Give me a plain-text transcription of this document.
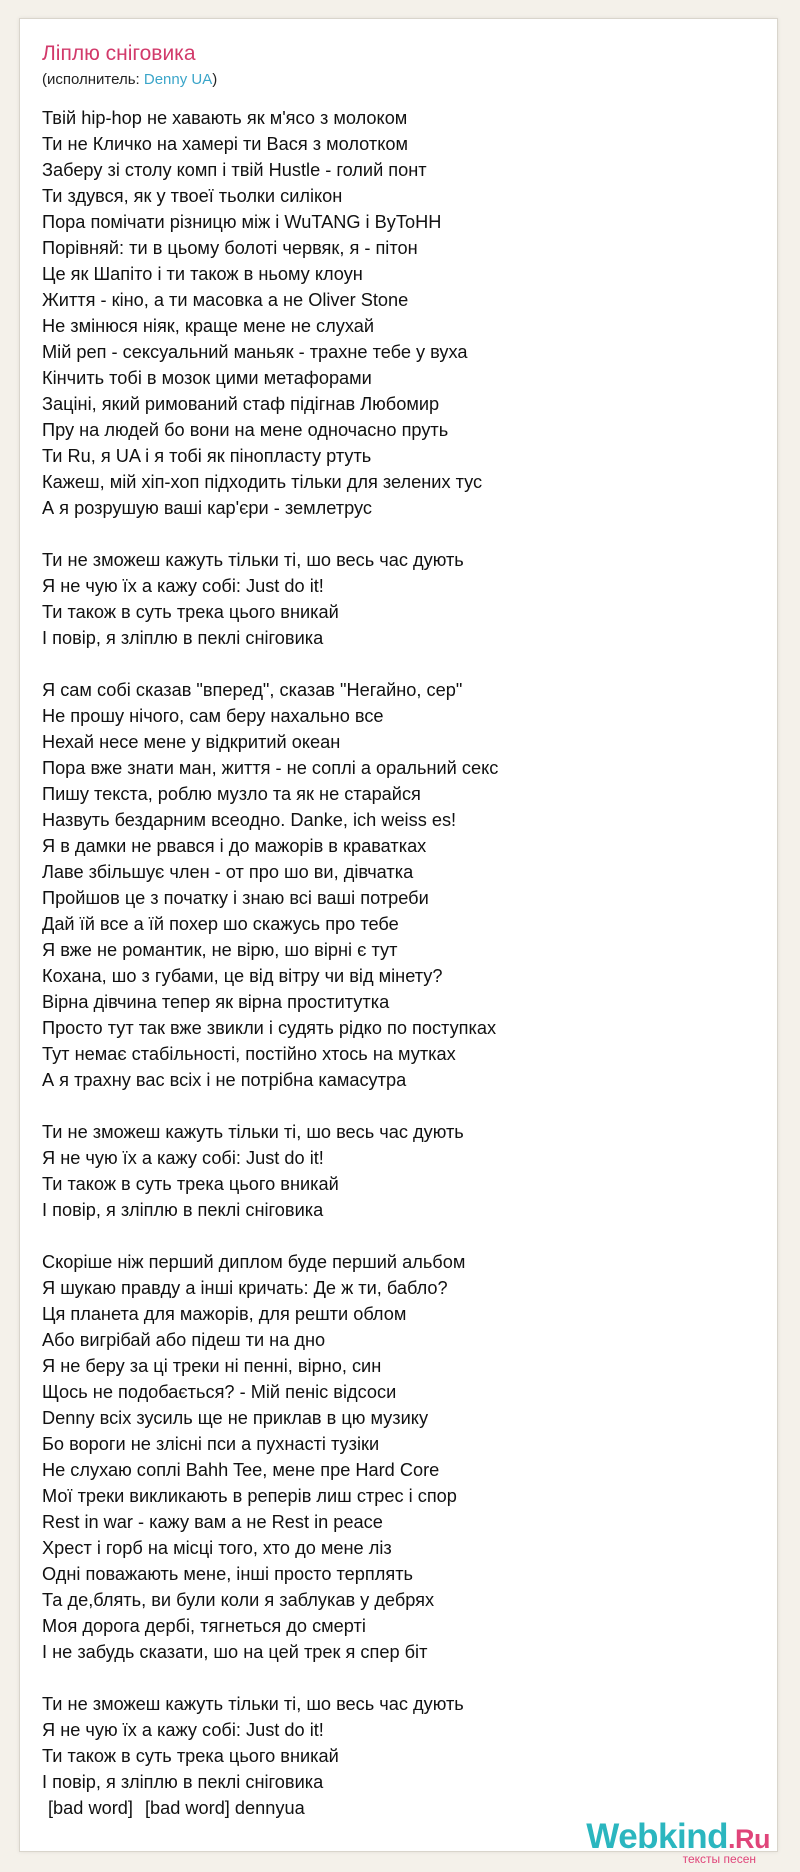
Ліплю сніговика
(исполнитель: Denny UA)
Твій hip-hop не хавають як м'ясо з молоком
Ти не Кличко на хамері ти Вася з молотком
Заберу зі столу комп і твій Hustle - голий понт
Ти здувся, як у твоеї тьолки силікон
Пора помічати різницю між і WuTANG і ByToHH
Порівняй: ти в цьому болоті червяк, я - пітон
Це як Шапіто і ти також в ньому клоун
Життя - кіно, а ти масовка а не Oliver Stone
Не змінюся ніяк, краще мене не слухай
Мій реп - сексуальний маньяк - трахне тебе у вуха
Кінчить тобі в мозок цими метафорами
Зацінi, який римований стаф підігнав Любомир
Пру на людей бо вони на мене одночасно пруть
Ти Ru, я UA і я тобі як пінопласту ртуть
Кажеш, мій хіп-хоп підходить тільки для зелених тус
А я розрушую ваші кар'єри - землетрус
Ти не зможеш кажуть тільки ті, шо весь час дують
Я не чую їх а кажу собі: Just do it!
Ти також в суть трека цього вникай
І повір, я зліплю в пеклі сніговика
Я сам собі сказав "вперед", сказав "Негайно, сер"
Не прошу нічого, сам беру нахально все
Нехай несе мене у відкритий океан
Пора вже знати ман, життя - не соплі а оральний секс
Пишу текста, роблю музло та як не старайся
Назвуть бездарним всеодно. Danke, ich weiss es!
Я в дамки не рвався і до мажорів в краватках
Лаве збільшує член - от про шо ви, дівчатка
Пройшов це з початку і знаю всі ваші потреби
Дай їй все а їй похер шо скажусь про тебе
Я вже не романтик, не вірю, шо вірні є тут
Кохана, шо з губами, це від вітру чи від мінету?
Вірна дівчина тепер як вірна проститутка
Просто тут так вже звикли і судять рідко по поступках
Тут немає стабільності, постійно хтось на мутках
А я трахну вас всіх і не потрібна камасутра
Ти не зможеш кажуть тільки ті, шо весь час дують
Я не чую їх а кажу собі: Just do it!
Ти також в суть трека цього вникай
І повір, я зліплю в пеклі сніговика
Скоріше ніж перший диплом буде перший альбом
Я шукаю правду а інші кричать: Де ж ти, бабло?
Ця планета для мажорів, для решти облом
Або вигрібай або підеш ти на дно
Я не беру за ці треки ні пенні, вірно, син
Щось не подобається? - Мій пеніс відсоси
Denny всіх зусиль ще не приклав в цю музику
Бо вороги не злісні пси а пухнасті тузіки
Не слухаю соплі Bahh Tee, мене пре Hard Core
Мої треки викликають в реперів лиш стрес і спор
Rest in war - кажу вам а не Rest in peace
Хрест і горб на місці того, хто до мене ліз
Одні поважають мене, інші просто терплять
Та де,блять, ви були коли я заблукав у дебрях
Моя дорога дербі, тягнеться до смерті
І не забудь сказати, шо на цей трек я спер біт
Ти не зможеш кажуть тільки ті, шо весь час дують
Я не чую їх а кажу собі: Just do it!
Ти також в суть трека цього вникай
І повір, я зліплю в пеклі сніговика
[bad word] [bad word] dennyua
Webkind.Ru
тексты песен
